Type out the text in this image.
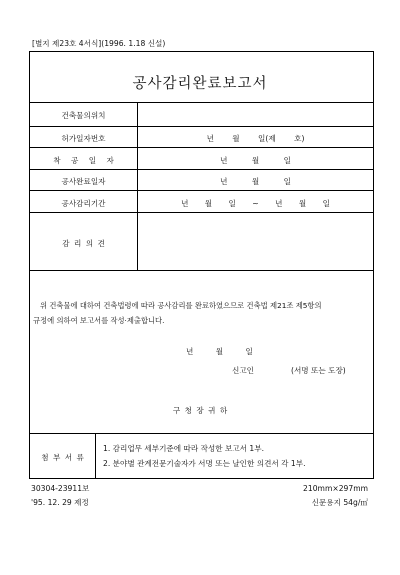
[별지 제23호 4서식](1996. 1.18 신설)
공사감리완료보고서
건축물의위치
허가일자번호	년 월 일(제 호)
착 공 일 자	년 월 일
공사완료일자	년 월 일
공사감리기간	년 월 일 ~ 년 월 일
감 리 의 견
위 건축물에 대하여 건축법령에 따라 공사감리를 완료하였으므로 건축법 제21조 제5항의
규정에 의하여 보고서를 작성·제출합니다.
년 월 일
신고인	(서명 또는 도장)
구 청 장 귀 하
첨 부 서 류
1. 감리업무 세부기준에 따라 작성한 보고서 1부.
2. 분야별 관계전문기술자가 서명 또는 날인한 의견서 각 1부.
30304-23911보
'95. 12. 29 제정
210mm×297mm
신문용지 54g/㎡
